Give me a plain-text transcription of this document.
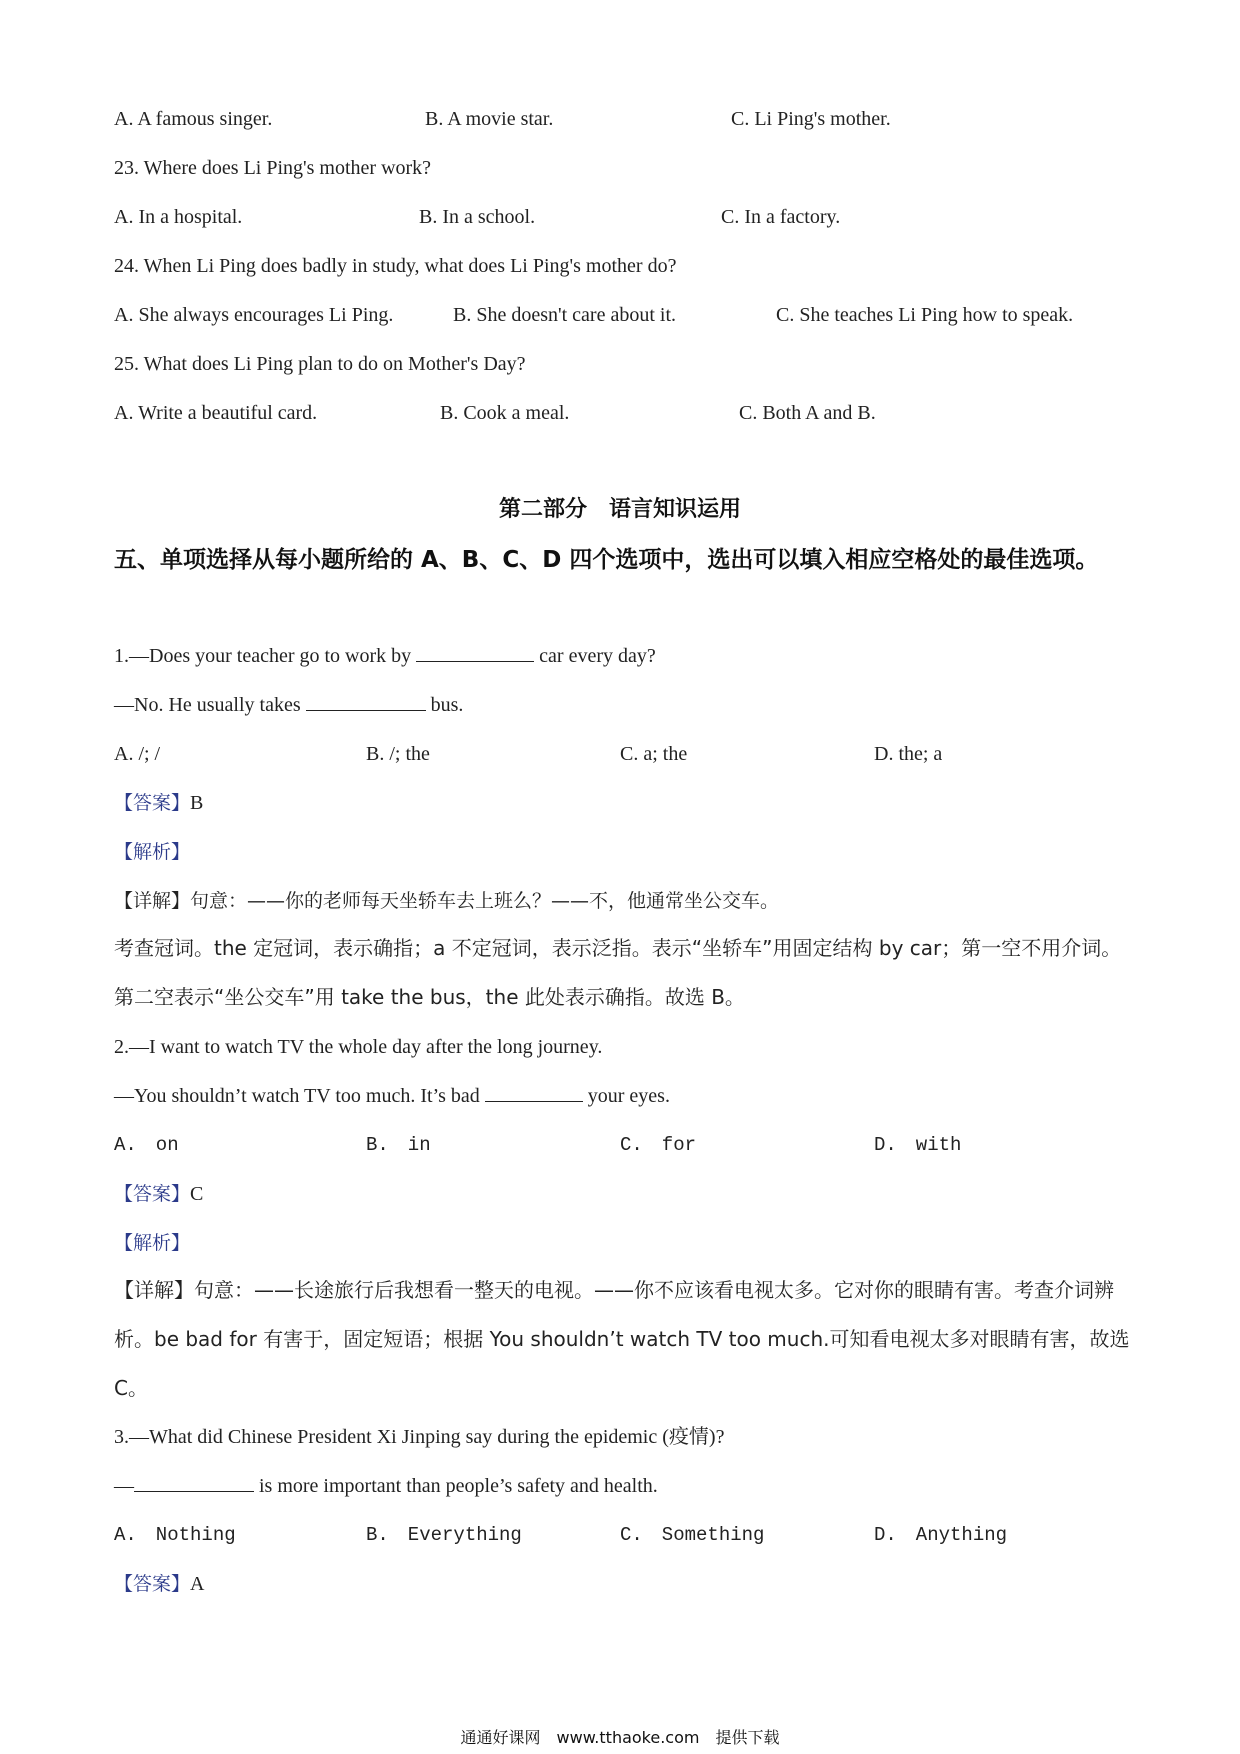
A. A famous singer.	B. A movie star.	C. Li Ping's mother.
23. Where does Li Ping's mother work?
A. In a hospital.	B. In a school.	C. In a factory.
24. When Li Ping does badly in study, what does Li Ping's mother do?
A. She always encourages Li Ping.	B. She doesn't care about it.	C. She teaches Li Ping how to speak.
25. What does Li Ping plan to do on Mother's Day?
A. Write a beautiful card.	B. Cook a meal.	C. Both A and B.
第二部分　语言知识运用
五、单项选择从每小题所给的 A、B、C、D 四个选项中，选出可以填入相应空格处的最佳选项。
1.—Does your teacher go to work by	car every day?
—No. He usually takes	bus.
A. /; /	B. /; the	C. a; the	D. the; a
【答案】B
【解析】
【详解】句意：——你的老师每天坐轿车去上班么？——不，他通常坐公交车。
考查冠词。the 定冠词，表示确指；a 不定冠词，表示泛指。表示“坐轿车”用固定结构 by car；第一空不用介词。第二空表示“坐公交车”用 take the bus，the 此处表示确指。故选 B。
2.—I want to watch TV the whole day after the long journey.
—You shouldn’t watch TV too much. It’s bad	your eyes.
A.　on	B.　in	C.　for	D.　with
【答案】C
【解析】
【详解】句意：——长途旅行后我想看一整天的电视。——你不应该看电视太多。它对你的眼睛有害。考查介词辨析。be bad for 有害于，固定短语；根据 You shouldn’t watch TV too much.可知看电视太多对眼睛有害，故选 C。
3.—What did Chinese President Xi Jinping say during the epidemic (疫情)?
—	is more important than people’s safety and health.
A.　Nothing	B.　Everything	C.　Something	D.　Anything
【答案】A
通通好课网　www.tthaoke.com　提供下载
